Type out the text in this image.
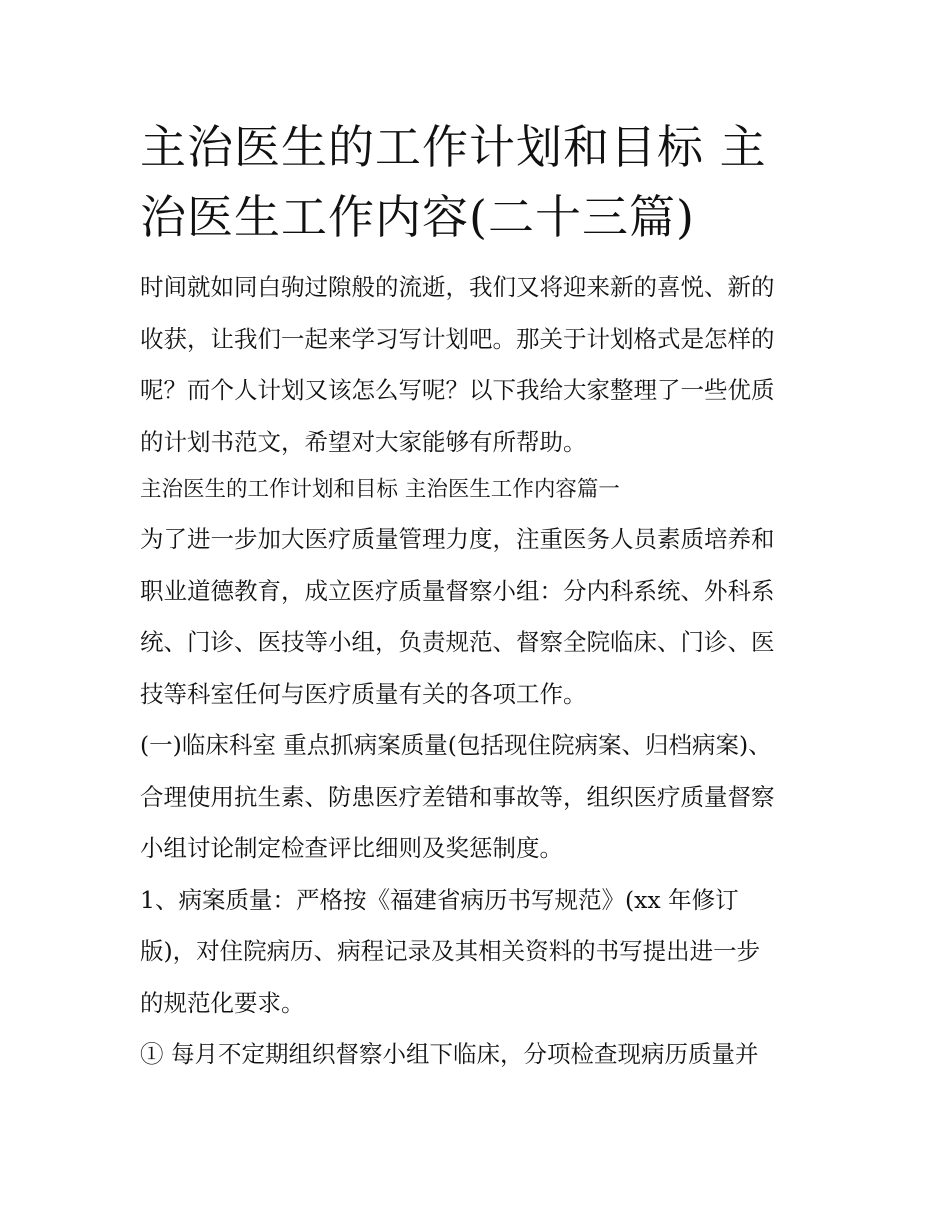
主治医生的工作计划和目标 主治医生工作内容(二十三篇)

时间就如同白驹过隙般的流逝，我们又将迎来新的喜悦、新的

收获，让我们一起来学习写计划吧。那关于计划格式是怎样的

呢？而个人计划又该怎么写呢？以下我给大家整理了一些优质

的计划书范文，希望对大家能够有所帮助。

主治医生的工作计划和目标 主治医生工作内容篇一

为了进一步加大医疗质量管理力度，注重医务人员素质培养和

职业道德教育，成立医疗质量督察小组：分内科系统、外科系

统、门诊、医技等小组，负责规范、督察全院临床、门诊、医

技等科室任何与医疗质量有关的各项工作。

(一)临床科室 重点抓病案质量(包括现住院病案、归档病案)、

合理使用抗生素、防患医疗差错和事故等，组织医疗质量督察

小组讨论制定检查评比细则及奖惩制度。

1、病案质量：严格按《福建省病历书写规范》(xx 年修订

版)，对住院病历、病程记录及其相关资料的书写提出进一步

的规范化要求。

① 每月不定期组织督察小组下临床，分项检查现病历质量并
